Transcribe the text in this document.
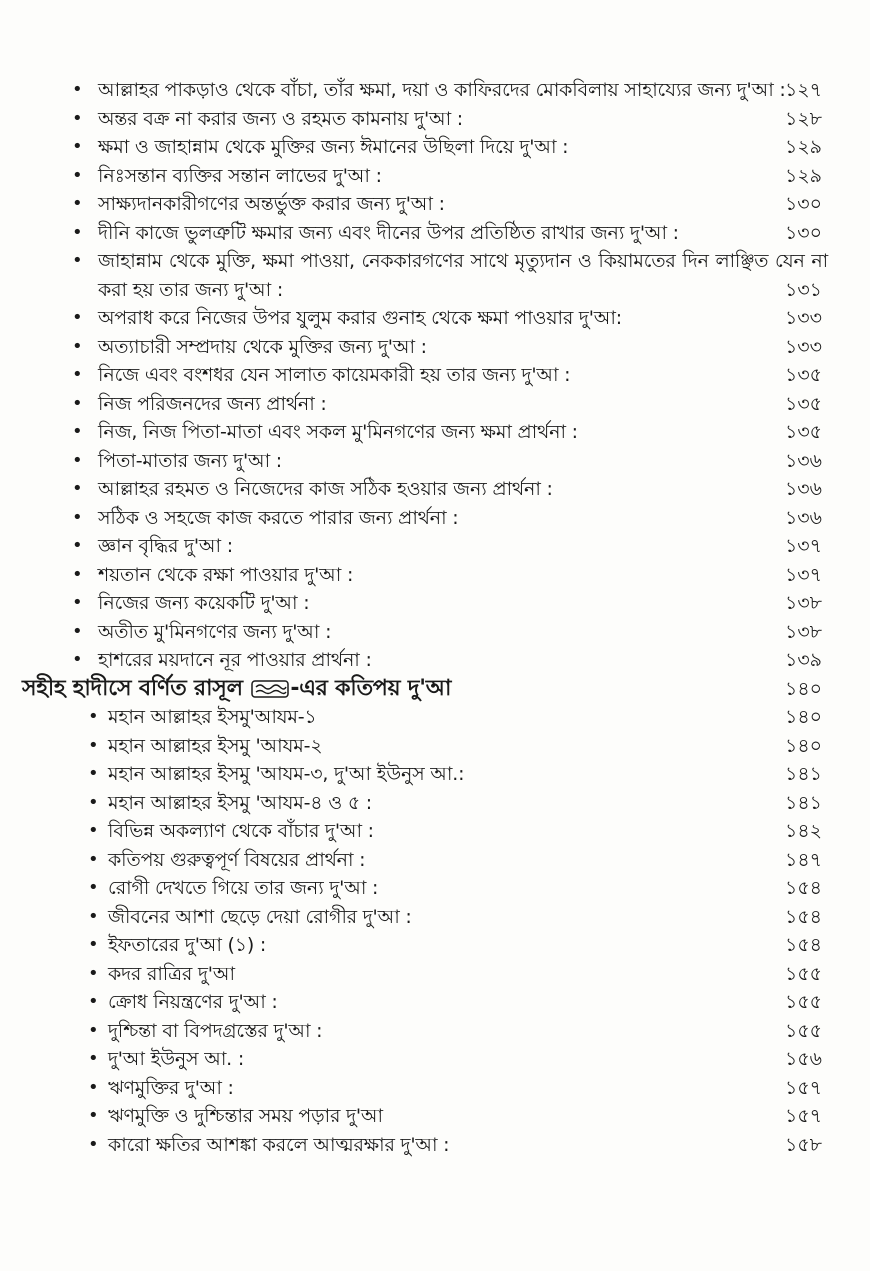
• আল্লাহর পাকড়াও থেকে বাঁচা, তাঁর ক্ষমা, দয়া ও কাফিরদের মোকবিলায় সাহায্যের জন্য দু'আ : ১২৭
• অন্তর বক্র না করার জন্য ও রহমত কামনায় দু'আ :	১২৮
• ক্ষমা ও জাহান্নাম থেকে মুক্তির জন্য ঈমানের উছিলা দিয়ে দু'আ :	১২৯
• নিঃসন্তান ব্যক্তির সন্তান লাভের দু'আ :	১২৯
• সাক্ষ্যদানকারীগণের অন্তর্ভুক্ত করার জন্য দু'আ :	১৩০
• দীনি কাজে ভুলত্রুটি ক্ষমার জন্য এবং দীনের উপর প্রতিষ্ঠিত রাখার জন্য দু'আ :	১৩০
• জাহান্নাম থেকে মুক্তি, ক্ষমা পাওয়া, নেককারগণের সাথে মৃত্যুদান ও কিয়ামতের দিন লাঞ্ছিত যেন না করা হয় তার জন্য দু'আ :	১৩১
• অপরাধ করে নিজের উপর যুলুম করার গুনাহ থেকে ক্ষমা পাওয়ার দু'আ:	১৩৩
• অত্যাচারী সম্প্রদায় থেকে মুক্তির জন্য দু'আ :	১৩৩
• নিজে এবং বংশধর যেন সালাত কায়েমকারী হয় তার জন্য দু'আ :	১৩৫
• নিজ পরিজনদের জন্য প্রার্থনা :	১৩৫
• নিজ, নিজ পিতা-মাতা এবং সকল মু'মিনগণের জন্য ক্ষমা প্রার্থনা :	১৩৫
• পিতা-মাতার জন্য দু'আ :	১৩৬
• আল্লাহর রহমত ও নিজেদের কাজ সঠিক হওয়ার জন্য প্রার্থনা :	১৩৬
• সঠিক ও সহজে কাজ করতে পারার জন্য প্রার্থনা :	১৩৬
• জ্ঞান বৃদ্ধির দু'আ :	১৩৭
• শয়তান থেকে রক্ষা পাওয়ার দু'আ :	১৩৭
• নিজের জন্য কয়েকটি দু'আ :	১৩৮
• অতীত মু'মিনগণের জন্য দু'আ :	১৩৮
• হাশরের ময়দানে নূর পাওয়ার প্রার্থনা :	১৩৯
সহীহ হাদীসে বর্ণিত রাসূল -এর কতিপয় দু'আ	১৪০
• মহান আল্লাহর ইসমু'আযম-১	১৪০
• মহান আল্লাহর ইসমু 'আযম-২	১৪০
• মহান আল্লাহর ইসমু 'আযম-৩, দু'আ ইউনুস আ.:	১৪১
• মহান আল্লাহর ইসমু 'আযম-৪ ও ৫ :	১৪১
• বিভিন্ন অকল্যাণ থেকে বাঁচার দু'আ :	১৪২
• কতিপয় গুরুত্বপূর্ণ বিষয়ের প্রার্থনা :	১৪৭
• রোগী দেখতে গিয়ে তার জন্য দু'আ :	১৫৪
• জীবনের আশা ছেড়ে দেয়া রোগীর দু'আ :	১৫৪
• ইফতারের দু'আ (১) :	১৫৪
• কদর রাত্রির দু'আ	১৫৫
• ক্রোধ নিয়ন্ত্রণের দু'আ :	১৫৫
• দুশ্চিন্তা বা বিপদগ্রস্তের দু'আ :	১৫৫
• দু'আ ইউনুস আ. :	১৫৬
• ঋণমুক্তির দু'আ :	১৫৭
• ঋণমুক্তি ও দুশ্চিন্তার সময় পড়ার দু'আ	১৫৭
• কারো ক্ষতির আশঙ্কা করলে আত্মরক্ষার দু'আ :	১৫৮
